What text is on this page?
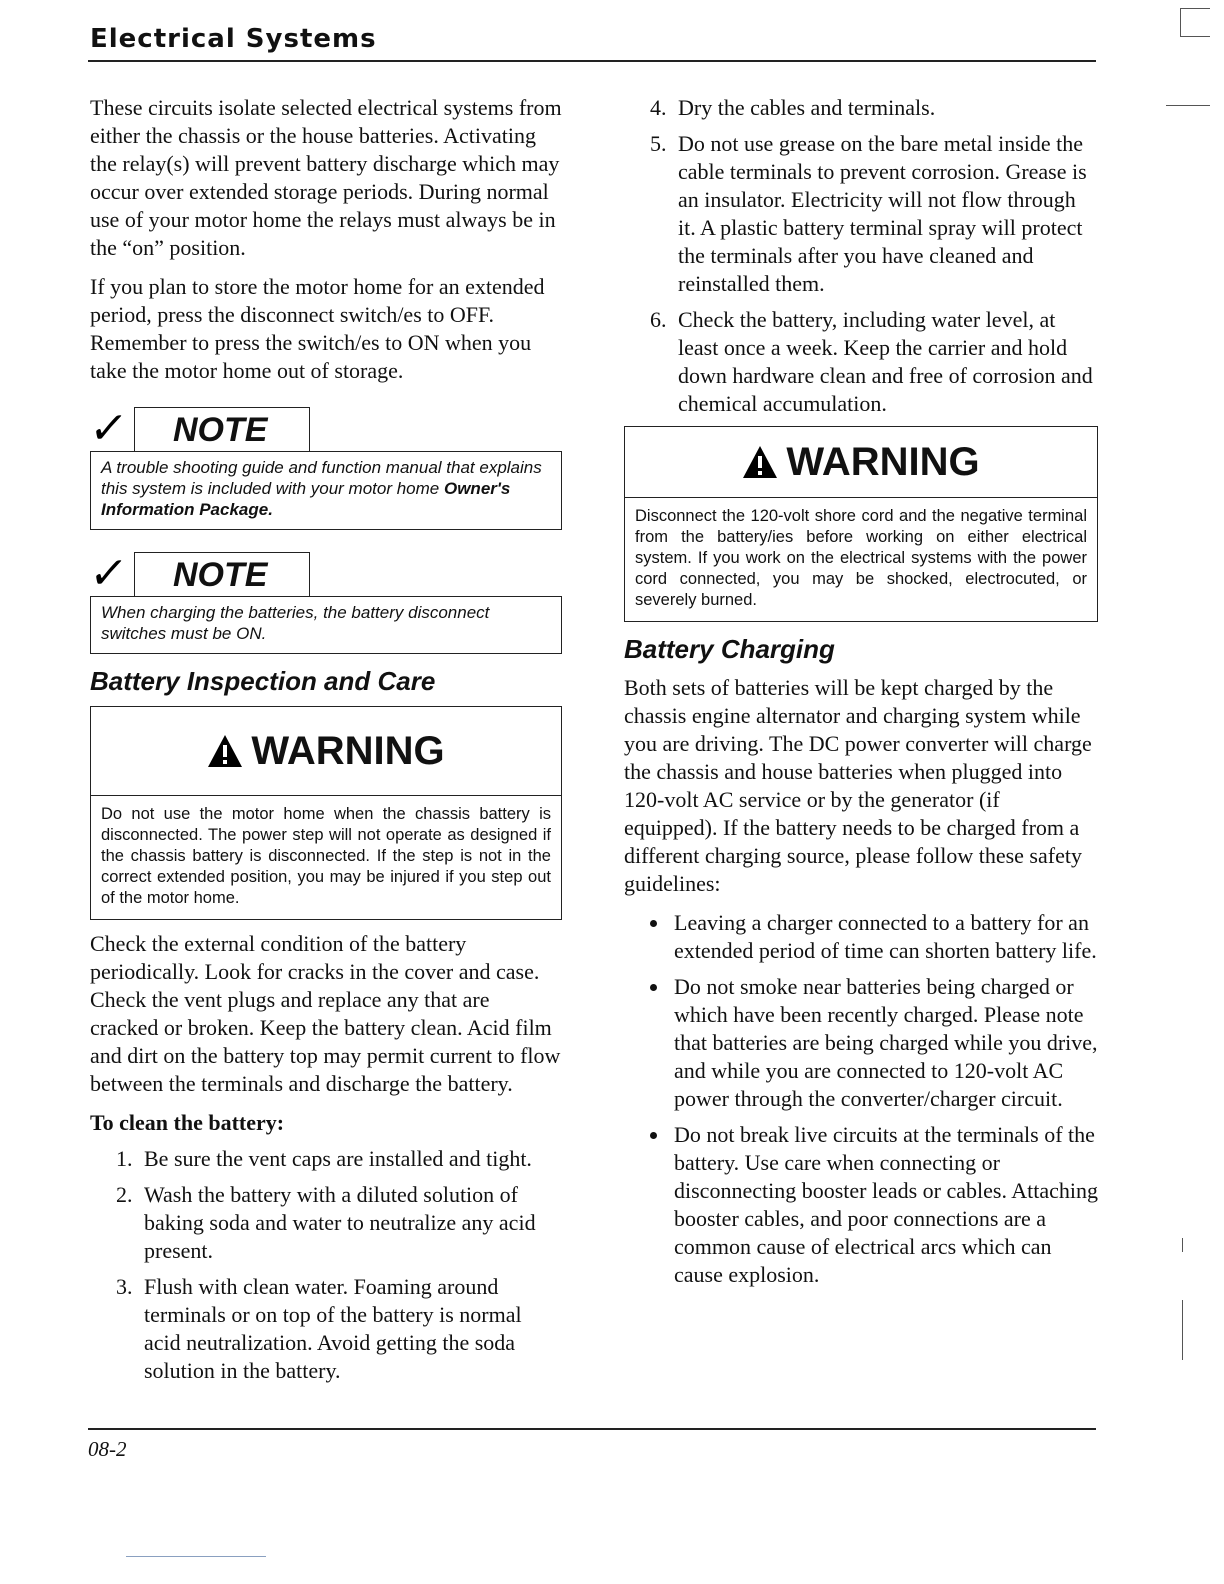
Electrical Systems

These circuits isolate selected electrical systems from either the chassis or the house batteries. Activating the relay(s) will prevent battery discharge which may occur over extended storage periods. During normal use of your motor home the relays must always be in the “on” position.

If you plan to store the motor home for an extended period, press the disconnect switch/es to OFF. Remember to press the switch/es to ON when you take the motor home out of storage.

✓	NOTE
A trouble shooting guide and function manual that explains this system is included with your motor home Owner's Information Package.
✓	NOTE
When charging the batteries, the battery disconnect switches must be ON.
Battery Inspection and Care
WARNING
Do not use the motor home when the chassis battery is disconnected. The power step will not operate as designed if the chassis battery is disconnected. If the step is not in the correct extended position, you may be injured if you step out of the motor home.

Check the external condition of the battery periodically. Look for cracks in the cover and case. Check the vent plugs and replace any that are cracked or broken. Keep the battery clean. Acid film and dirt on the battery top may permit current to flow between the terminals and discharge the battery.

To clean the battery:
1. Be sure the vent caps are installed and tight.
2. Wash the battery with a diluted solution of baking soda and water to neutralize any acid present.
3. Flush with clean water. Foaming around terminals or on top of the battery is normal acid neutralization. Avoid getting the soda solution in the battery.
4. Dry the cables and terminals.
5. Do not use grease on the bare metal inside the cable terminals to prevent corrosion. Grease is an insulator. Electricity will not flow through it. A plastic battery terminal spray will protect the terminals after you have cleaned and reinstalled them.
6. Check the battery, including water level, at least once a week. Keep the carrier and hold down hardware clean and free of corrosion and chemical accumulation.
WARNING
Disconnect the 120-volt shore cord and the negative terminal from the battery/ies before working on either electrical system. If you work on the electrical systems with the power cord connected, you may be shocked, electrocuted, or severely burned.
Battery Charging

Both sets of batteries will be kept charged by the chassis engine alternator and charging system while you are driving. The DC power converter will charge the chassis and house batteries when plugged into 120-volt AC service or by the generator (if equipped). If the battery needs to be charged from a different charging source, please follow these safety guidelines:

• Leaving a charger connected to a battery for an extended period of time can shorten battery life.
• Do not smoke near batteries being charged or which have been recently charged. Please note that batteries are being charged while you drive, and while you are connected to 120-volt AC power through the converter/charger circuit.
• Do not break live circuits at the terminals of the battery. Use care when connecting or disconnecting booster leads or cables. Attaching booster cables, and poor connections are a common cause of electrical arcs which can cause explosion.
08-2
